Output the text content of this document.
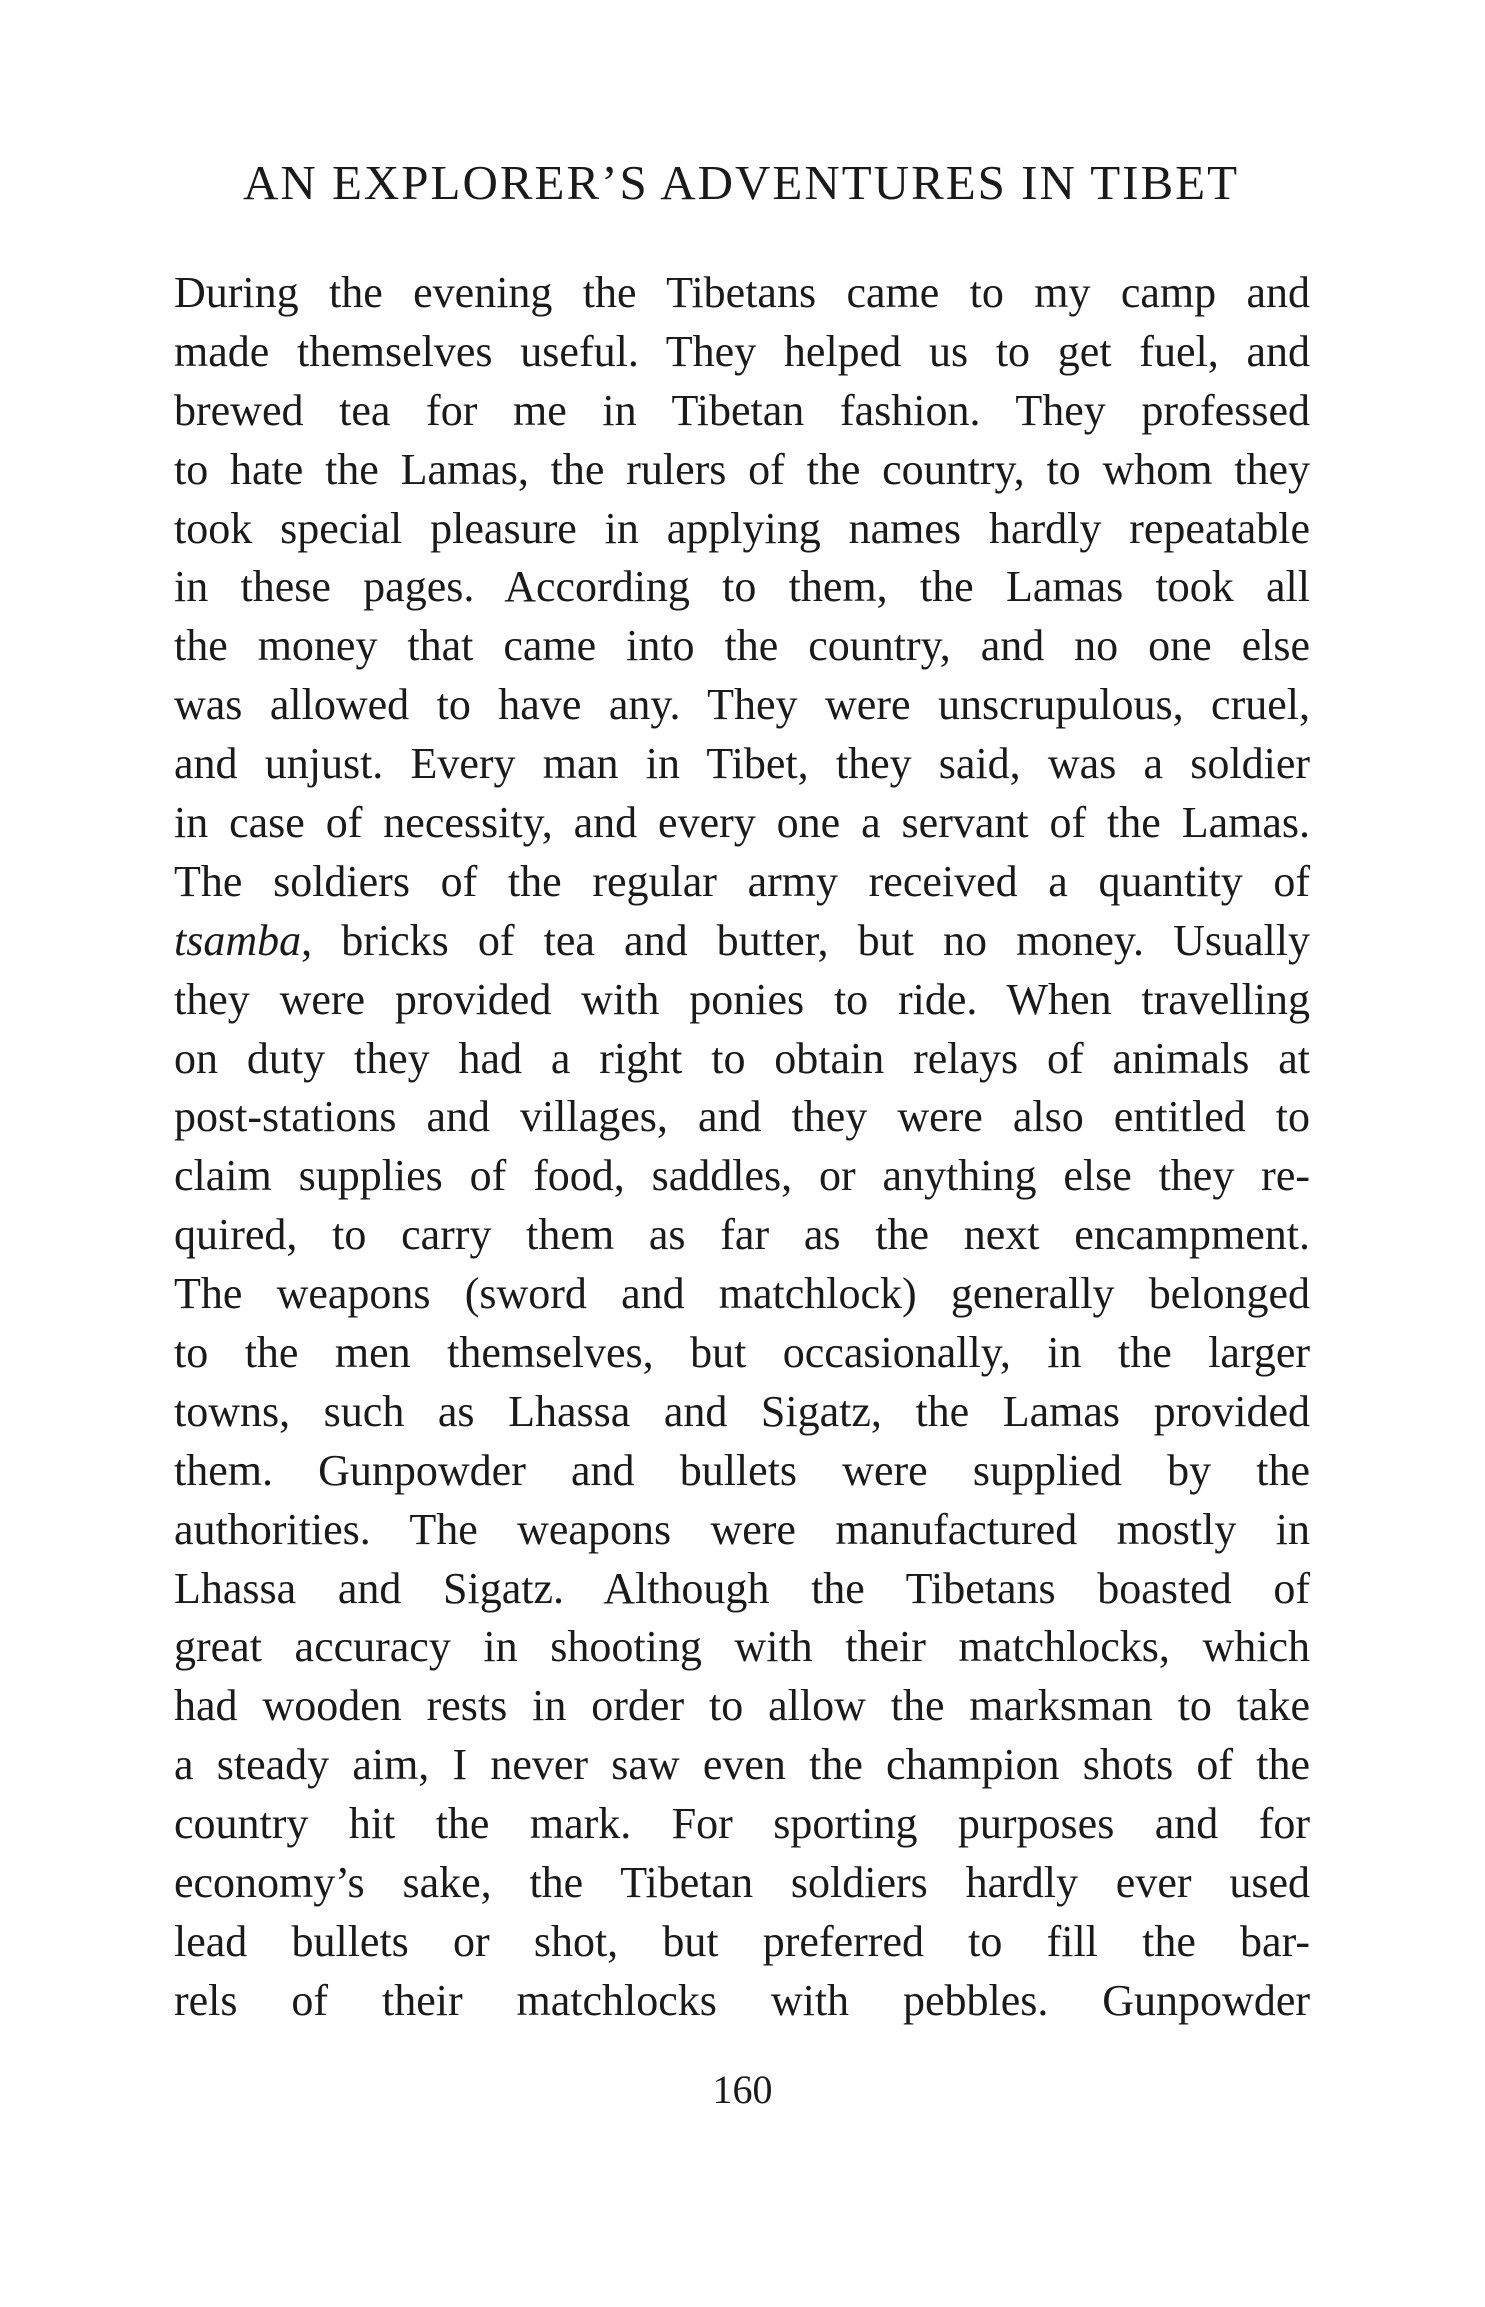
AN EXPLORER’S ADVENTURES IN TIBET
During the evening the Tibetans came to my camp and
made themselves useful. They helped us to get fuel, and
brewed tea for me in Tibetan fashion. They professed
to hate the Lamas, the rulers of the country, to whom they
took special pleasure in applying names hardly repeatable
in these pages. According to them, the Lamas took all
the money that came into the country, and no one else
was allowed to have any. They were unscrupulous, cruel,
and unjust. Every man in Tibet, they said, was a soldier
in case of necessity, and every one a servant of the Lamas.
The soldiers of the regular army received a quantity of
tsamba, bricks of tea and butter, but no money. Usually
they were provided with ponies to ride. When travelling
on duty they had a right to obtain relays of animals at
post-stations and villages, and they were also entitled to
claim supplies of food, saddles, or anything else they re-
quired, to carry them as far as the next encampment.
The weapons (sword and matchlock) generally belonged
to the men themselves, but occasionally, in the larger
towns, such as Lhassa and Sigatz, the Lamas provided
them. Gunpowder and bullets were supplied by the
authorities. The weapons were manufactured mostly in
Lhassa and Sigatz. Although the Tibetans boasted of
great accuracy in shooting with their matchlocks, which
had wooden rests in order to allow the marksman to take
a steady aim, I never saw even the champion shots of the
country hit the mark. For sporting purposes and for
economy’s sake, the Tibetan soldiers hardly ever used
lead bullets or shot, but preferred to fill the bar-
rels of their matchlocks with pebbles. Gunpowder
160
